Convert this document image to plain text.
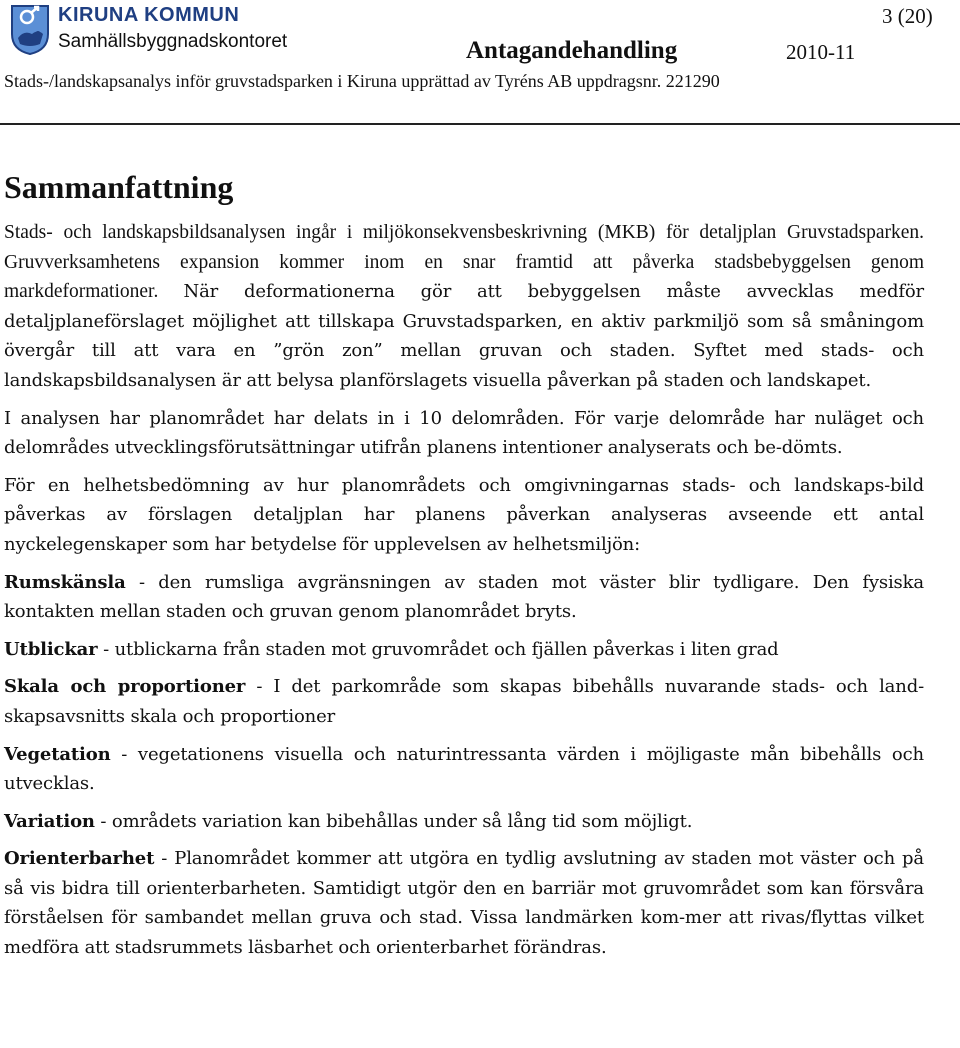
KIRUNA KOMMUN
Samhällsbyggnadskontoret	Antagandehandling	2010-11
3 (20)
Stads-/landskapsanalys inför gruvstadsparken i Kiruna upprättad av Tyréns AB uppdragsnr. 221290
Sammanfattning

Stads- och landskapsbildsanalysen ingår i miljökonsekvensbeskrivning (MKB) för detaljplan Gruvstadsparken. Gruvverksamhetens expansion kommer inom en snar framtid att påverka stadsbebyggelsen genom markdeformationer. När deformationerna gör att bebyggelsen måste avvecklas medför detaljplaneförslaget möjlighet att tillskapa Gruvstadsparken, en aktiv parkmiljö som så småningom övergår till att vara en ”grön zon” mellan gruvan och staden. Syftet med stads- och landskapsbildsanalysen är att belysa planförslagets visuella påverkan på staden och landskapet.

I analysen har planområdet har delats in i 10 delområden. För varje delområde har nuläget och delområdes utvecklingsförutsättningar utifrån planens intentioner analyserats och be-dömts.

För en helhetsbedömning av hur planområdets och omgivningarnas stads- och landskaps-bild påverkas av förslagen detaljplan har planens påverkan analyseras avseende ett antal nyckelegenskaper som har betydelse för upplevelsen av helhetsmiljön:

Rumskänsla - den rumsliga avgränsningen av staden mot väster blir tydligare. Den fysiska kontakten mellan staden och gruvan genom planområdet bryts.

Utblickar - utblickarna från staden mot gruvområdet och fjällen påverkas i liten grad

Skala och proportioner - I det parkområde som skapas bibehålls nuvarande stads- och land-skapsavsnitts skala och proportioner

Vegetation - vegetationens visuella och naturintressanta värden i möjligaste mån bibehålls och utvecklas.

Variation - områdets variation kan bibehållas under så lång tid som möjligt.

Orienterbarhet - Planområdet kommer att utgöra en tydlig avslutning av staden mot väster och på så vis bidra till orienterbarheten. Samtidigt utgör den en barriär mot gruvområdet som kan försvåra förståelsen för sambandet mellan gruva och stad. Vissa landmärken kom-mer att rivas/flyttas vilket medföra att stadsrummets läsbarhet och orienterbarhet förändras.
